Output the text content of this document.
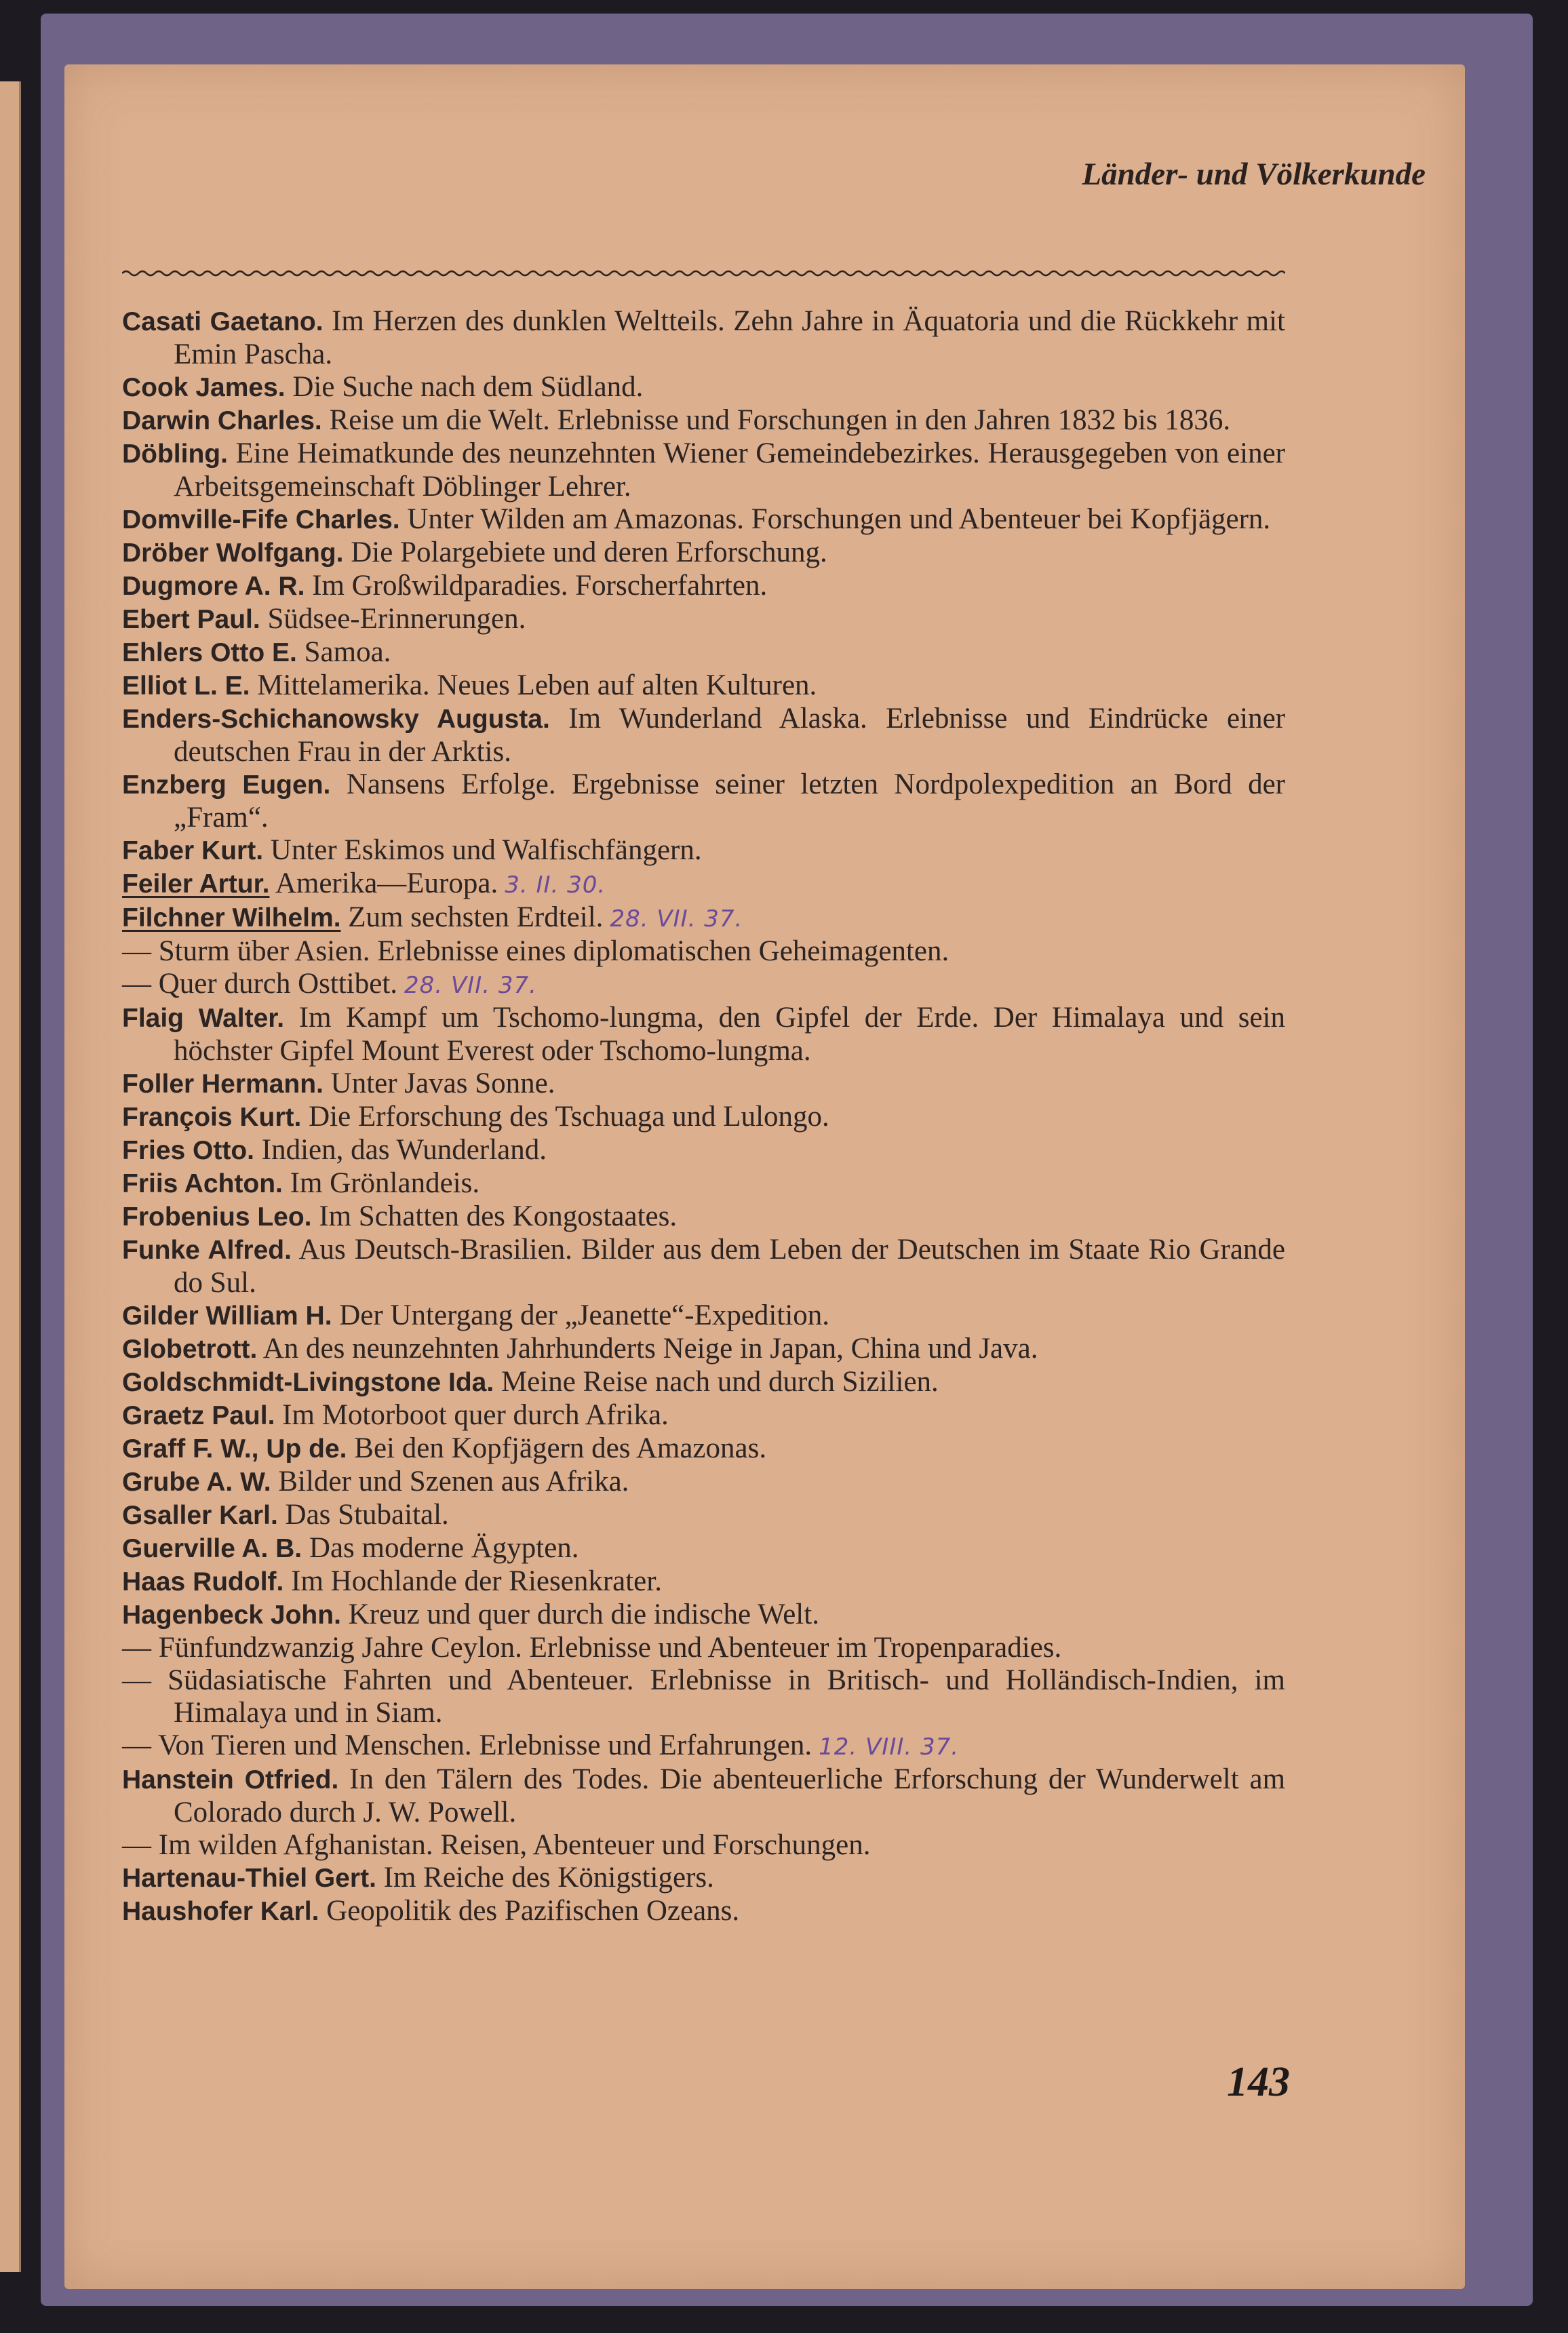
Länder- und Völkerkunde

Casati Gaetano. Im Herzen des dunklen Weltteils. Zehn Jahre in Äquatoria und die Rückkehr mit Emin Pascha.

Cook James. Die Suche nach dem Südland.

Darwin Charles. Reise um die Welt. Erlebnisse und Forschungen in den Jahren 1832 bis 1836.

Döbling. Eine Heimatkunde des neunzehnten Wiener Gemeindebezirkes. Herausgegeben von einer Arbeitsgemeinschaft Döblinger Lehrer.

Domville-Fife Charles. Unter Wilden am Amazonas. Forschungen und Abenteuer bei Kopfjägern.

Dröber Wolfgang. Die Polargebiete und deren Erforschung.

Dugmore A. R. Im Großwildparadies. Forscherfahrten.

Ebert Paul. Südsee-Erinnerungen.

Ehlers Otto E. Samoa.

Elliot L. E. Mittelamerika. Neues Leben auf alten Kulturen.

Enders-Schichanowsky Augusta. Im Wunderland Alaska. Erlebnisse und Eindrücke einer deutschen Frau in der Arktis.

Enzberg Eugen. Nansens Erfolge. Ergebnisse seiner letzten Nordpolexpedition an Bord der „Fram“.

Faber Kurt. Unter Eskimos und Walfischfängern.

Feiler Artur. Amerika—Europa. 3. II. 30.

Filchner Wilhelm. Zum sechsten Erdteil. 28. VII. 37.

— Sturm über Asien. Erlebnisse eines diplomatischen Geheimagenten.

— Quer durch Osttibet. 28. VII. 37.

Flaig Walter. Im Kampf um Tschomo-lungma, den Gipfel der Erde. Der Himalaya und sein höchster Gipfel Mount Everest oder Tschomo-lungma.

Foller Hermann. Unter Javas Sonne.

François Kurt. Die Erforschung des Tschuaga und Lulongo.

Fries Otto. Indien, das Wunderland.

Friis Achton. Im Grönlandeis.

Frobenius Leo. Im Schatten des Kongostaates.

Funke Alfred. Aus Deutsch-Brasilien. Bilder aus dem Leben der Deutschen im Staate Rio Grande do Sul.

Gilder William H. Der Untergang der „Jeanette“-Expedition.

Globetrott. An des neunzehnten Jahrhunderts Neige in Japan, China und Java.

Goldschmidt-Livingstone Ida. Meine Reise nach und durch Sizilien.

Graetz Paul. Im Motorboot quer durch Afrika.

Graff F. W., Up de. Bei den Kopfjägern des Amazonas.

Grube A. W. Bilder und Szenen aus Afrika.

Gsaller Karl. Das Stubaital.

Guerville A. B. Das moderne Ägypten.

Haas Rudolf. Im Hochlande der Riesenkrater.

Hagenbeck John. Kreuz und quer durch die indische Welt.

— Fünfundzwanzig Jahre Ceylon. Erlebnisse und Abenteuer im Tropenparadies.

— Südasiatische Fahrten und Abenteuer. Erlebnisse in Britisch- und Holländisch-Indien, im Himalaya und in Siam.

— Von Tieren und Menschen. Erlebnisse und Erfahrungen. 12. VIII. 37.

Hanstein Otfried. In den Tälern des Todes. Die abenteuerliche Erforschung der Wunderwelt am Colorado durch J. W. Powell.

— Im wilden Afghanistan. Reisen, Abenteuer und Forschungen.

Hartenau-Thiel Gert. Im Reiche des Königstigers.

Haushofer Karl. Geopolitik des Pazifischen Ozeans.

143
